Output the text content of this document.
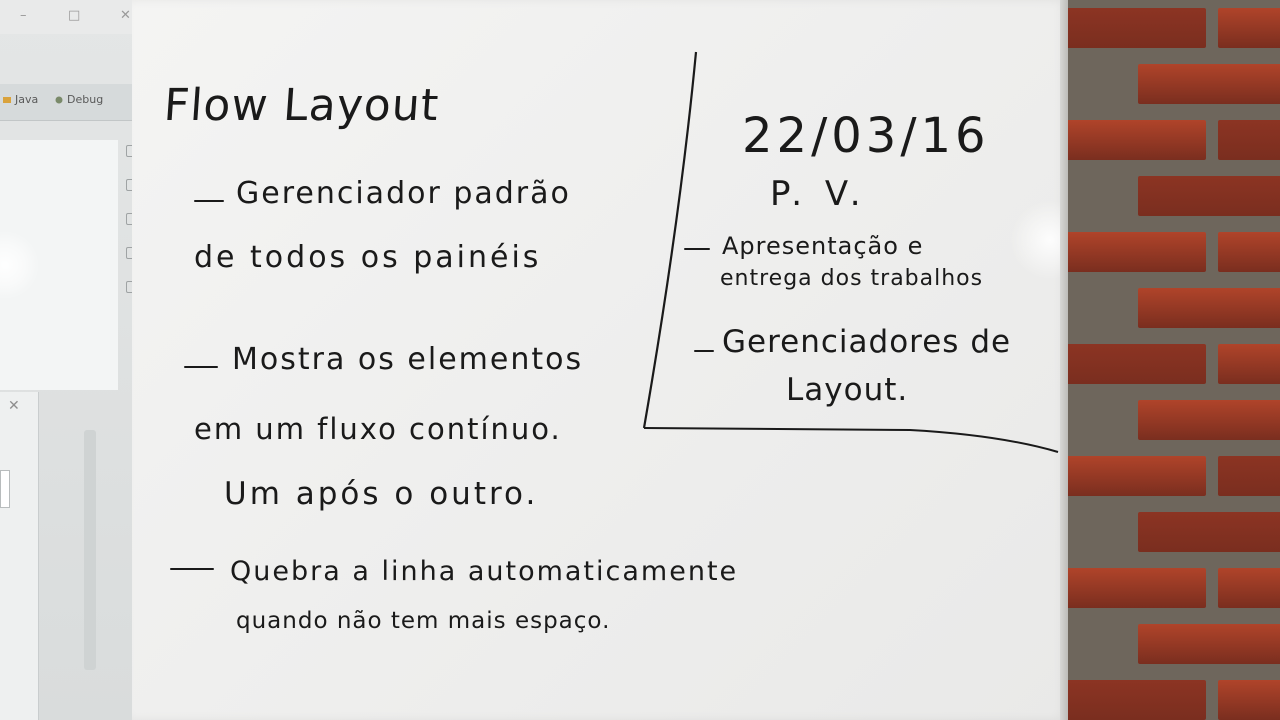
–	□	✕
Java	Debug
✕
Flow Layout
Gerenciador padrão
de todos os painéis
Mostra os elementos
em um fluxo contínuo.
Um após o outro.
Quebra a linha automaticamente
quando não tem mais espaço.
22/03/16
P. V.
Apresentação e
entrega dos trabalhos
Gerenciadores de
Layout.
